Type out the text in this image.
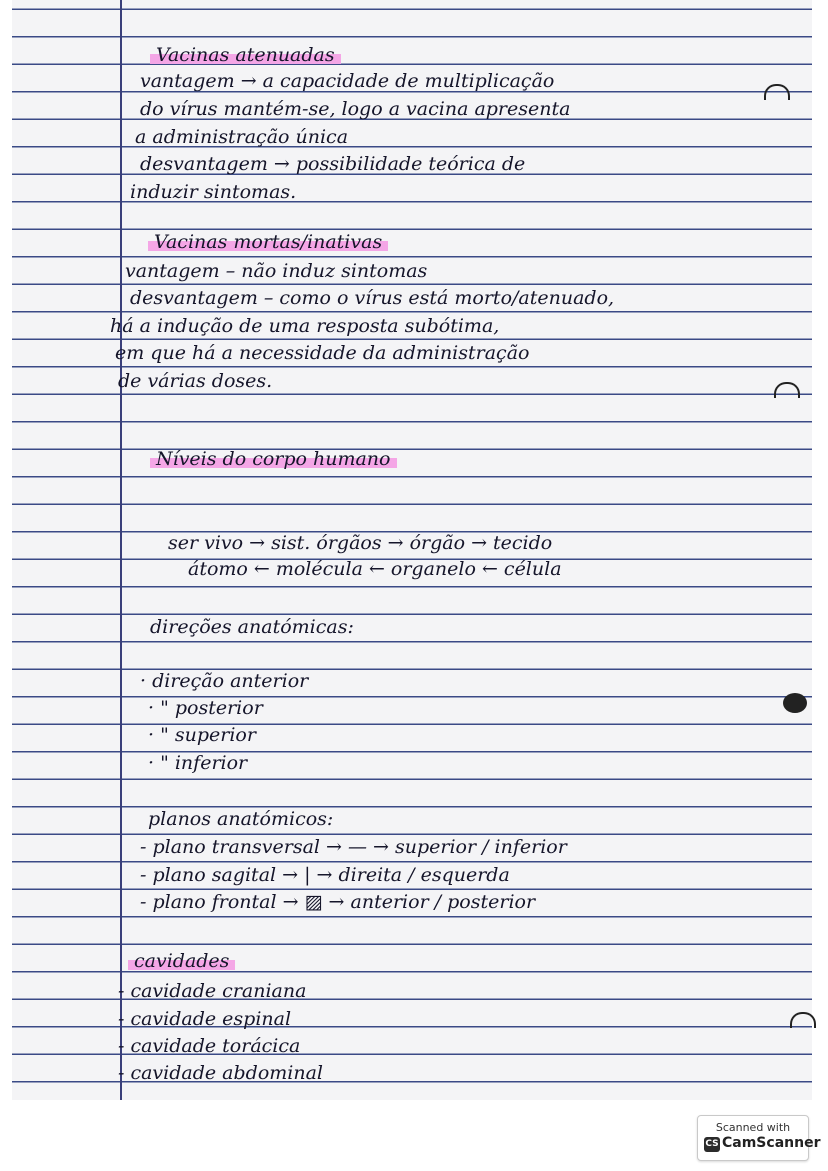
Vacinas atenuadas
vantagem → a capacidade de multiplicação
do vírus mantém-se, logo a vacina apresenta
a administração única
desvantagem → possibilidade teórica de
induzir sintomas.
Vacinas mortas/inativas
vantagem – não induz sintomas
desvantagem – como o vírus está morto/atenuado,
há a indução de uma resposta subótima,
em que há a necessidade da administração
de várias doses.
Níveis do corpo humano
ser vivo → sist. órgãos → órgão → tecido
átomo ← molécula ← organelo ← célula
direções anatómicas:
· direção anterior
· " posterior
· " superior
· " inferior
planos anatómicos:
- plano transversal → — → superior / inferior
- plano sagital → | → direita / esquerda
- plano frontal → ▨ → anterior / posterior
cavidades
- cavidade craniana
- cavidade espinal
- cavidade torácica
- cavidade abdominal
Scanned with
CS CamScanner
